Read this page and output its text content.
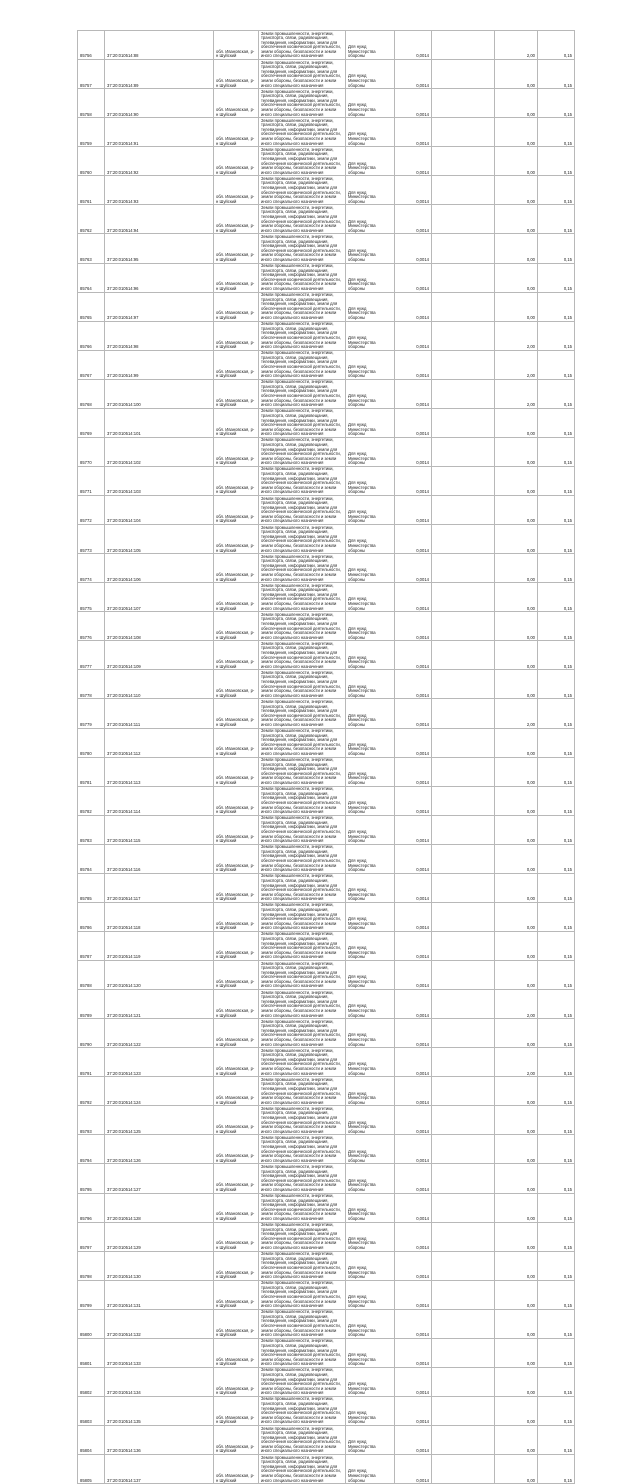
85756	37:20:010514:88	обл. Ивановская, р-н Шуйский	Земли промышленности, энергетики, транспорта, связи, радиовещания, телевидения, информатики, земли для обеспечения космической деятельности, земли обороны, безопасности и земли иного специального назначения	Для нужд Министерства обороны	0,0014		2,00	0,15
85757	37:20:010514:89	обл. Ивановская, р-н Шуйский	Земли промышленности, энергетики, транспорта, связи, радиовещания, телевидения, информатики, земли для обеспечения космической деятельности, земли обороны, безопасности и земли иного специального назначения	Для нужд Министерства обороны	0,0014		0,00	0,15
85758	37:20:010514:90	обл. Ивановская, р-н Шуйский	Земли промышленности, энергетики, транспорта, связи, радиовещания, телевидения, информатики, земли для обеспечения космической деятельности, земли обороны, безопасности и земли иного специального назначения	Для нужд Министерства обороны	0,0014		0,00	0,15
85759	37:20:010514:91	обл. Ивановская, р-н Шуйский	Земли промышленности, энергетики, транспорта, связи, радиовещания, телевидения, информатики, земли для обеспечения космической деятельности, земли обороны, безопасности и земли иного специального назначения	Для нужд Министерства обороны	0,0014		0,00	0,15
85760	37:20:010514:92	обл. Ивановская, р-н Шуйский	Земли промышленности, энергетики, транспорта, связи, радиовещания, телевидения, информатики, земли для обеспечения космической деятельности, земли обороны, безопасности и земли иного специального назначения	Для нужд Министерства обороны	0,0014		0,00	0,15
85761	37:20:010514:93	обл. Ивановская, р-н Шуйский	Земли промышленности, энергетики, транспорта, связи, радиовещания, телевидения, информатики, земли для обеспечения космической деятельности, земли обороны, безопасности и земли иного специального назначения	Для нужд Министерства обороны	0,0014		0,00	0,15
85762	37:20:010514:94	обл. Ивановская, р-н Шуйский	Земли промышленности, энергетики, транспорта, связи, радиовещания, телевидения, информатики, земли для обеспечения космической деятельности, земли обороны, безопасности и земли иного специального назначения	Для нужд Министерства обороны	0,0014		0,00	0,15
85763	37:20:010514:95	обл. Ивановская, р-н Шуйский	Земли промышленности, энергетики, транспорта, связи, радиовещания, телевидения, информатики, земли для обеспечения космической деятельности, земли обороны, безопасности и земли иного специального назначения	Для нужд Министерства обороны	0,0014		0,00	0,15
85764	37:20:010514:96	обл. Ивановская, р-н Шуйский	Земли промышленности, энергетики, транспорта, связи, радиовещания, телевидения, информатики, земли для обеспечения космической деятельности, земли обороны, безопасности и земли иного специального назначения	Для нужд Министерства обороны	0,0014		0,00	0,15
85765	37:20:010514:97	обл. Ивановская, р-н Шуйский	Земли промышленности, энергетики, транспорта, связи, радиовещания, телевидения, информатики, земли для обеспечения космической деятельности, земли обороны, безопасности и земли иного специального назначения	Для нужд Министерства обороны	0,0014		0,00	0,15
85766	37:20:010514:98	обл. Ивановская, р-н Шуйский	Земли промышленности, энергетики, транспорта, связи, радиовещания, телевидения, информатики, земли для обеспечения космической деятельности, земли обороны, безопасности и земли иного специального назначения	Для нужд Министерства обороны	0,0014		2,00	0,15
85767	37:20:010514:99	обл. Ивановская, р-н Шуйский	Земли промышленности, энергетики, транспорта, связи, радиовещания, телевидения, информатики, земли для обеспечения космической деятельности, земли обороны, безопасности и земли иного специального назначения	Для нужд Министерства обороны	0,0014		2,00	0,15
85768	37:20:010514:100	обл. Ивановская, р-н Шуйский	Земли промышленности, энергетики, транспорта, связи, радиовещания, телевидения, информатики, земли для обеспечения космической деятельности, земли обороны, безопасности и земли иного специального назначения	Для нужд Министерства обороны	0,0014		2,00	0,15
85769	37:20:010514:101	обл. Ивановская, р-н Шуйский	Земли промышленности, энергетики, транспорта, связи, радиовещания, телевидения, информатики, земли для обеспечения космической деятельности, земли обороны, безопасности и земли иного специального назначения	Для нужд Министерства обороны	0,0014		0,00	0,15
85770	37:20:010514:102	обл. Ивановская, р-н Шуйский	Земли промышленности, энергетики, транспорта, связи, радиовещания, телевидения, информатики, земли для обеспечения космической деятельности, земли обороны, безопасности и земли иного специального назначения	Для нужд Министерства обороны	0,0014		0,00	0,15
85771	37:20:010514:103	обл. Ивановская, р-н Шуйский	Земли промышленности, энергетики, транспорта, связи, радиовещания, телевидения, информатики, земли для обеспечения космической деятельности, земли обороны, безопасности и земли иного специального назначения	Для нужд Министерства обороны	0,0014		0,00	0,15
85772	37:20:010514:104	обл. Ивановская, р-н Шуйский	Земли промышленности, энергетики, транспорта, связи, радиовещания, телевидения, информатики, земли для обеспечения космической деятельности, земли обороны, безопасности и земли иного специального назначения	Для нужд Министерства обороны	0,0014		0,00	0,15
85773	37:20:010514:105	обл. Ивановская, р-н Шуйский	Земли промышленности, энергетики, транспорта, связи, радиовещания, телевидения, информатики, земли для обеспечения космической деятельности, земли обороны, безопасности и земли иного специального назначения	Для нужд Министерства обороны	0,0014		0,00	0,15
85774	37:20:010514:106	обл. Ивановская, р-н Шуйский	Земли промышленности, энергетики, транспорта, связи, радиовещания, телевидения, информатики, земли для обеспечения космической деятельности, земли обороны, безопасности и земли иного специального назначения	Для нужд Министерства обороны	0,0014		0,00	0,15
85775	37:20:010514:107	обл. Ивановская, р-н Шуйский	Земли промышленности, энергетики, транспорта, связи, радиовещания, телевидения, информатики, земли для обеспечения космической деятельности, земли обороны, безопасности и земли иного специального назначения	Для нужд Министерства обороны	0,0014		0,00	0,15
85776	37:20:010514:108	обл. Ивановская, р-н Шуйский	Земли промышленности, энергетики, транспорта, связи, радиовещания, телевидения, информатики, земли для обеспечения космической деятельности, земли обороны, безопасности и земли иного специального назначения	Для нужд Министерства обороны	0,0014		0,00	0,15
85777	37:20:010514:109	обл. Ивановская, р-н Шуйский	Земли промышленности, энергетики, транспорта, связи, радиовещания, телевидения, информатики, земли для обеспечения космической деятельности, земли обороны, безопасности и земли иного специального назначения	Для нужд Министерства обороны	0,0014		0,00	0,15
85778	37:20:010514:110	обл. Ивановская, р-н Шуйский	Земли промышленности, энергетики, транспорта, связи, радиовещания, телевидения, информатики, земли для обеспечения космической деятельности, земли обороны, безопасности и земли иного специального назначения	Для нужд Министерства обороны	0,0014		0,00	0,15
85779	37:20:010514:111	обл. Ивановская, р-н Шуйский	Земли промышленности, энергетики, транспорта, связи, радиовещания, телевидения, информатики, земли для обеспечения космической деятельности, земли обороны, безопасности и земли иного специального назначения	Для нужд Министерства обороны	0,0014		2,00	0,15
85780	37:20:010514:112	обл. Ивановская, р-н Шуйский	Земли промышленности, энергетики, транспорта, связи, радиовещания, телевидения, информатики, земли для обеспечения космической деятельности, земли обороны, безопасности и земли иного специального назначения	Для нужд Министерства обороны	0,0014		0,00	0,15
85781	37:20:010514:113	обл. Ивановская, р-н Шуйский	Земли промышленности, энергетики, транспорта, связи, радиовещания, телевидения, информатики, земли для обеспечения космической деятельности, земли обороны, безопасности и земли иного специального назначения	Для нужд Министерства обороны	0,0014		0,00	0,15
85782	37:20:010514:114	обл. Ивановская, р-н Шуйский	Земли промышленности, энергетики, транспорта, связи, радиовещания, телевидения, информатики, земли для обеспечения космической деятельности, земли обороны, безопасности и земли иного специального назначения	Для нужд Министерства обороны	0,0014		0,00	0,15
85783	37:20:010514:115	обл. Ивановская, р-н Шуйский	Земли промышленности, энергетики, транспорта, связи, радиовещания, телевидения, информатики, земли для обеспечения космической деятельности, земли обороны, безопасности и земли иного специального назначения	Для нужд Министерства обороны	0,0014		0,00	0,15
85784	37:20:010514:116	обл. Ивановская, р-н Шуйский	Земли промышленности, энергетики, транспорта, связи, радиовещания, телевидения, информатики, земли для обеспечения космической деятельности, земли обороны, безопасности и земли иного специального назначения	Для нужд Министерства обороны	0,0014		0,00	0,15
85785	37:20:010514:117	обл. Ивановская, р-н Шуйский	Земли промышленности, энергетики, транспорта, связи, радиовещания, телевидения, информатики, земли для обеспечения космической деятельности, земли обороны, безопасности и земли иного специального назначения	Для нужд Министерства обороны	0,0014		0,00	0,15
85786	37:20:010514:118	обл. Ивановская, р-н Шуйский	Земли промышленности, энергетики, транспорта, связи, радиовещания, телевидения, информатики, земли для обеспечения космической деятельности, земли обороны, безопасности и земли иного специального назначения	Для нужд Министерства обороны	0,0014		0,00	0,15
85787	37:20:010514:119	обл. Ивановская, р-н Шуйский	Земли промышленности, энергетики, транспорта, связи, радиовещания, телевидения, информатики, земли для обеспечения космической деятельности, земли обороны, безопасности и земли иного специального назначения	Для нужд Министерства обороны	0,0014		0,00	0,15
85788	37:20:010514:120	обл. Ивановская, р-н Шуйский	Земли промышленности, энергетики, транспорта, связи, радиовещания, телевидения, информатики, земли для обеспечения космической деятельности, земли обороны, безопасности и земли иного специального назначения	Для нужд Министерства обороны	0,0014		0,00	0,15
85789	37:20:010514:121	обл. Ивановская, р-н Шуйский	Земли промышленности, энергетики, транспорта, связи, радиовещания, телевидения, информатики, земли для обеспечения космической деятельности, земли обороны, безопасности и земли иного специального назначения	Для нужд Министерства обороны	0,0014		2,00	0,15
85790	37:20:010514:122	обл. Ивановская, р-н Шуйский	Земли промышленности, энергетики, транспорта, связи, радиовещания, телевидения, информатики, земли для обеспечения космической деятельности, земли обороны, безопасности и земли иного специального назначения	Для нужд Министерства обороны	0,0014		0,00	0,15
85791	37:20:010514:123	обл. Ивановская, р-н Шуйский	Земли промышленности, энергетики, транспорта, связи, радиовещания, телевидения, информатики, земли для обеспечения космической деятельности, земли обороны, безопасности и земли иного специального назначения	Для нужд Министерства обороны	0,0014		2,00	0,15
85792	37:20:010514:124	обл. Ивановская, р-н Шуйский	Земли промышленности, энергетики, транспорта, связи, радиовещания, телевидения, информатики, земли для обеспечения космической деятельности, земли обороны, безопасности и земли иного специального назначения	Для нужд Министерства обороны	0,0014		0,00	0,15
85793	37:20:010514:125	обл. Ивановская, р-н Шуйский	Земли промышленности, энергетики, транспорта, связи, радиовещания, телевидения, информатики, земли для обеспечения космической деятельности, земли обороны, безопасности и земли иного специального назначения	Для нужд Министерства обороны	0,0014		0,00	0,15
85794	37:20:010514:126	обл. Ивановская, р-н Шуйский	Земли промышленности, энергетики, транспорта, связи, радиовещания, телевидения, информатики, земли для обеспечения космической деятельности, земли обороны, безопасности и земли иного специального назначения	Для нужд Министерства обороны	0,0014		0,00	0,15
85795	37:20:010514:127	обл. Ивановская, р-н Шуйский	Земли промышленности, энергетики, транспорта, связи, радиовещания, телевидения, информатики, земли для обеспечения космической деятельности, земли обороны, безопасности и земли иного специального назначения	Для нужд Министерства обороны	0,0014		0,00	0,15
85796	37:20:010514:128	обл. Ивановская, р-н Шуйский	Земли промышленности, энергетики, транспорта, связи, радиовещания, телевидения, информатики, земли для обеспечения космической деятельности, земли обороны, безопасности и земли иного специального назначения	Для нужд Министерства обороны	0,0014		0,00	0,15
85797	37:20:010514:129	обл. Ивановская, р-н Шуйский	Земли промышленности, энергетики, транспорта, связи, радиовещания, телевидения, информатики, земли для обеспечения космической деятельности, земли обороны, безопасности и земли иного специального назначения	Для нужд Министерства обороны	0,0014		0,00	0,15
85798	37:20:010514:130	обл. Ивановская, р-н Шуйский	Земли промышленности, энергетики, транспорта, связи, радиовещания, телевидения, информатики, земли для обеспечения космической деятельности, земли обороны, безопасности и земли иного специального назначения	Для нужд Министерства обороны	0,0014		0,00	0,15
85799	37:20:010514:131	обл. Ивановская, р-н Шуйский	Земли промышленности, энергетики, транспорта, связи, радиовещания, телевидения, информатики, земли для обеспечения космической деятельности, земли обороны, безопасности и земли иного специального назначения	Для нужд Министерства обороны	0,0014		0,00	0,15
85800	37:20:010514:132	обл. Ивановская, р-н Шуйский	Земли промышленности, энергетики, транспорта, связи, радиовещания, телевидения, информатики, земли для обеспечения космической деятельности, земли обороны, безопасности и земли иного специального назначения	Для нужд Министерства обороны	0,0014		0,00	0,15
85801	37:20:010514:133	обл. Ивановская, р-н Шуйский	Земли промышленности, энергетики, транспорта, связи, радиовещания, телевидения, информатики, земли для обеспечения космической деятельности, земли обороны, безопасности и земли иного специального назначения	Для нужд Министерства обороны	0,0014		0,00	0,15
85802	37:20:010514:134	обл. Ивановская, р-н Шуйский	Земли промышленности, энергетики, транспорта, связи, радиовещания, телевидения, информатики, земли для обеспечения космической деятельности, земли обороны, безопасности и земли иного специального назначения	Для нужд Министерства обороны	0,0014		0,00	0,15
85803	37:20:010514:135	обл. Ивановская, р-н Шуйский	Земли промышленности, энергетики, транспорта, связи, радиовещания, телевидения, информатики, земли для обеспечения космической деятельности, земли обороны, безопасности и земли иного специального назначения	Для нужд Министерства обороны	0,0014		0,00	0,15
85804	37:20:010514:136	обл. Ивановская, р-н Шуйский	Земли промышленности, энергетики, транспорта, связи, радиовещания, телевидения, информатики, земли для обеспечения космической деятельности, земли обороны, безопасности и земли иного специального назначения	Для нужд Министерства обороны	0,0014		0,00	0,15
85805	37:20:010514:137	обл. Ивановская, р-н Шуйский	Земли промышленности, энергетики, транспорта, связи, радиовещания, телевидения, информатики, земли для обеспечения космической деятельности, земли обороны, безопасности и земли иного специального назначения	Для нужд Министерства обороны	0,0014		0,00	0,15
